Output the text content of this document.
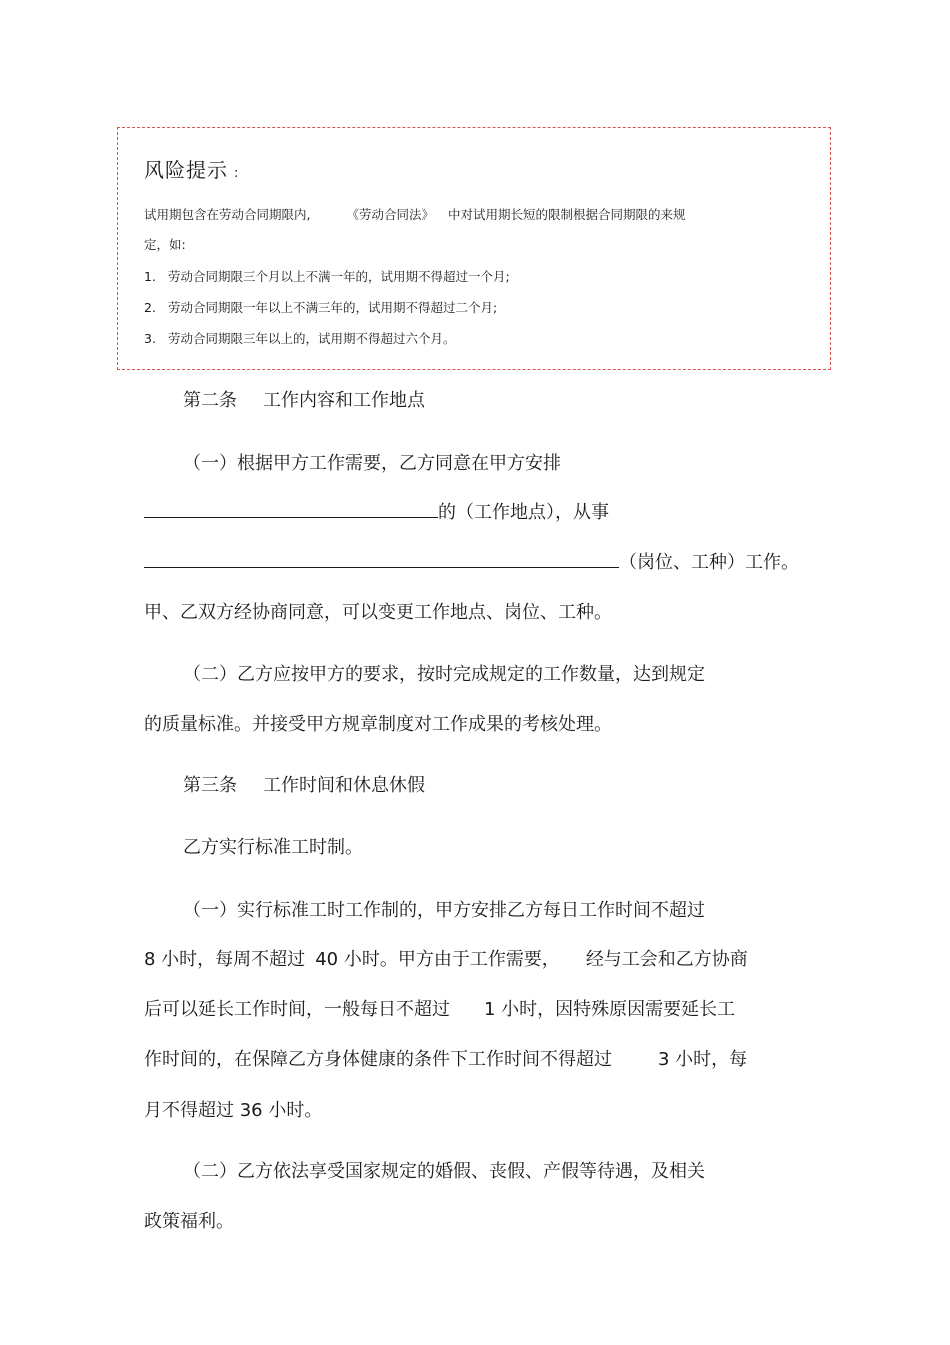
风险提示 :
试用期包含在劳动合同期限内,	《劳动合同法》 中对试用期长短的限制根据合同期限的来规
定，如:
1. 劳动合同期限三个月以上不满一年的，试用期不得超过一个月;
2. 劳动合同期限一年以上不满三年的，试用期不得超过二个月;
3. 劳动合同期限三年以上的，试用期不得超过六个月。
第二条 工作内容和工作地点
（一）根据甲方工作需要，乙方同意在甲方安排
的（工作地点），从事
（岗位、工种）工作。
甲、乙双方经协商同意，可以变更工作地点、岗位、工种。
（二）乙方应按甲方的要求，按时完成规定的工作数量，达到规定
的质量标准。并接受甲方规章制度对工作成果的考核处理。
第三条 工作时间和休息休假
乙方实行标准工时制。
（一）实行标准工时工作制的，甲方安排乙方每日工作时间不超过
8 小时，每周不超过 40 小时。甲方由于工作需要， 经与工会和乙方协商
后可以延长工作时间，一般每日不超过 1 小时，因特殊原因需要延长工
作时间的，在保障乙方身体健康的条件下工作时间不得超过	3 小时，每
月不得超过 36 小时。
（二）乙方依法享受国家规定的婚假、丧假、产假等待遇，及相关
政策福利。
